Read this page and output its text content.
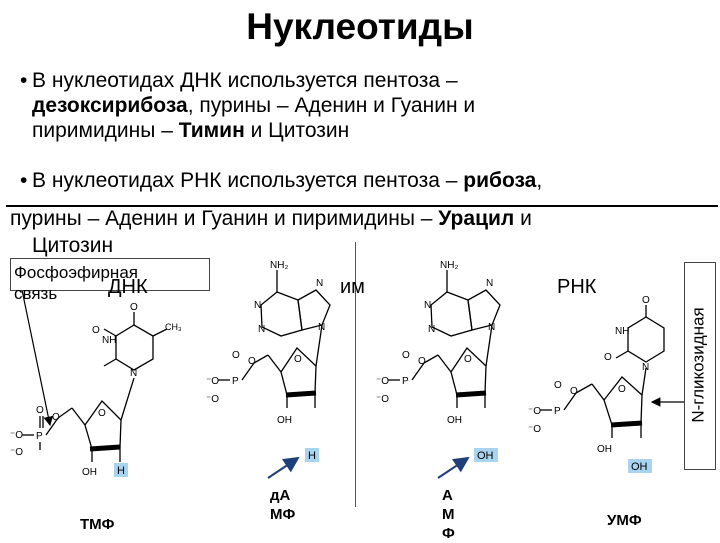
Нуклеотиды
• В нуклеотидах ДНК используется пентоза –
дезоксирибоза, пурины – Аденин и Гуанин и
пиримидины – Тимин и Цитозин
• В нуклеотидах РНК используется пентоза – рибоза,
пурины – Аденин и Гуанин и пиримидины – Урацил и
Цитозин
⁻O P
O
⁻O
O	O
OH
N
NH
O
O	CH₃
H
⁻O P
O
⁻O
O	O
OH
N
N
N
N
NH₂
H
⁻O P
O
⁻O
O	O
OH
N
N
N
N
NH₂
OH
⁻O P
O
⁻O
O	O
OH
N
NH
O
O
OH
Фосфоэфирная связь	ДНК	им	РНК
N-гликозидная
ТМФ
дАМФ
АМФ
УМФ
